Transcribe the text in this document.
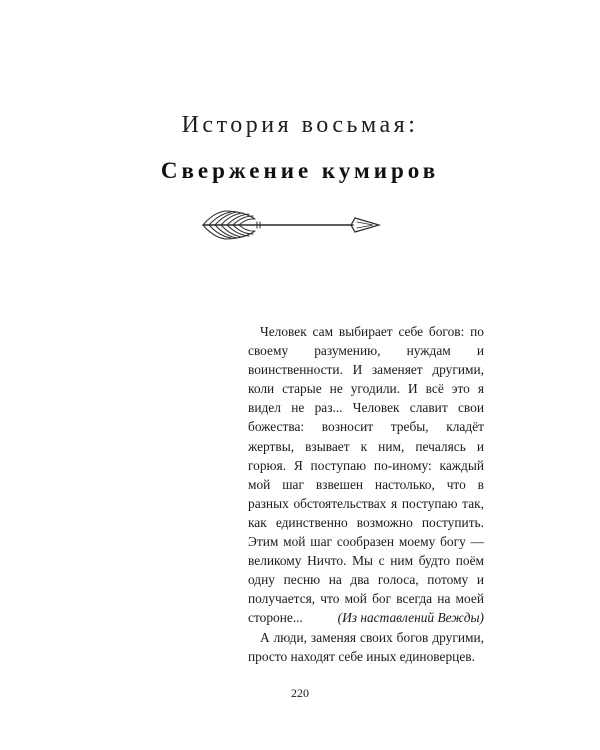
История восьмая:
Свержение кумиров

Человек сам выбирает себе богов: по своему разумению, нуждам и воинственности. И заменяет другими, коли старые не угодили. И всё это я видел не раз... Человек славит свои божества: возносит требы, кладёт жертвы, взывает к ним, печалясь и горюя. Я поступаю по-иному: каждый мой шаг взвешен настолько, что в разных обстоятельствах я поступаю так, как единственно возможно поступить. Этим мой шаг сообразен моему богу — великому Ничто. Мы с ним будто поём одну песню на два голоса, потому и получается, что мой бог всегда на моей стороне...

А люди, заменяя своих богов другими, просто находят себе иных единоверцев.

(Из наставлений Вежды)
220
